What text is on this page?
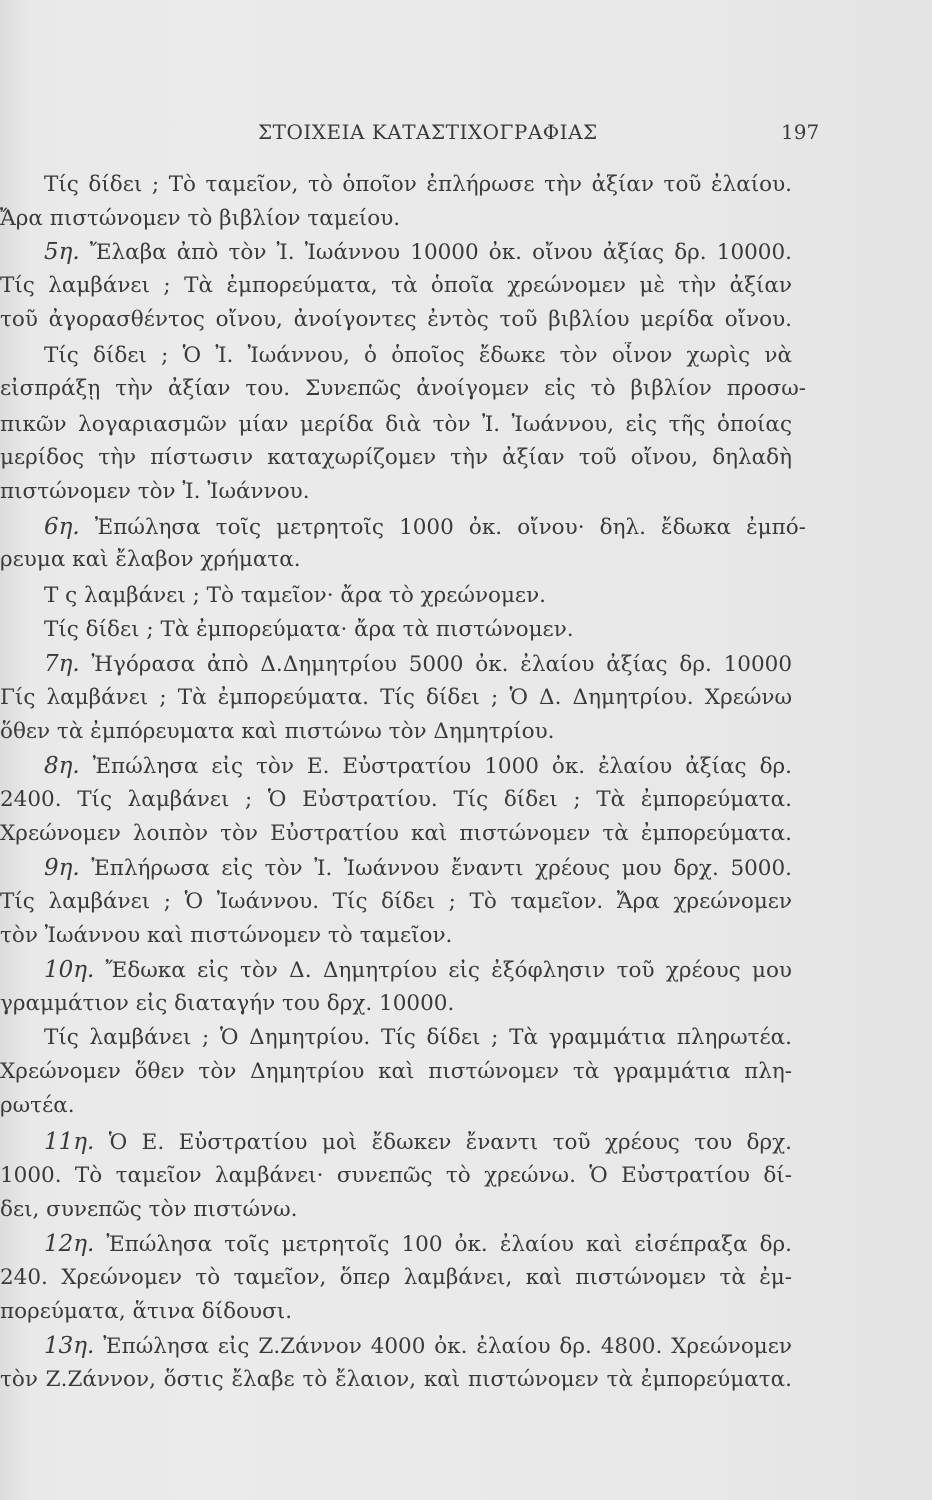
ΣΤΟΙΧΕΙΑ ΚΑΤΑΣΤΙΧΟΓΡΑΦΙΑΣ	197
Τίς δίδει ; Τὸ ταμεῖον, τὸ ὁποῖον ἐπλήρωσε τὴν ἀξίαν τοῦ ἐλαίου.
Ἄρα πιστώνομεν τὸ βιβλίον ταμείου.
5η. Ἔλαβα ἀπὸ τὸν Ἰ. Ἰωάννου 10000 ὀκ. οἴνου ἀξίας δρ. 10000.
Τίς λαμβάνει ; Τὰ ἐμπορεύματα, τὰ ὁποῖα χρεώνομεν μὲ τὴν ἀξίαν
τοῦ ἀγορασθέντος οἴνου, ἀνοίγοντες ἐντὸς τοῦ βιβλίου μερίδα οἴνου.
Τίς δίδει ; Ὁ Ἰ. Ἰωάννου, ὁ ὁποῖος ἔδωκε τὸν οἶνον χωρὶς νὰ
εἰσπράξῃ τὴν ἀξίαν του. Συνεπῶς ἀνοίγομεν εἰς τὸ βιβλίον προσω-
πικῶν λογαριασμῶν μίαν μερίδα διὰ τὸν Ἰ. Ἰωάννου, εἰς τῆς ὁποίας
μερίδος τὴν πίστωσιν καταχωρίζομεν τὴν ἀξίαν τοῦ οἴνου, δηλαδὴ
πιστώνομεν τὸν Ἰ. Ἰωάννου.
6η. Ἐπώλησα τοῖς μετρητοῖς 1000 ὀκ. οἴνου· δηλ. ἔδωκα ἐμπό-
ρευμα καὶ ἔλαβον χρήματα.
Τ ς λαμβάνει ; Τὸ ταμεῖον· ἄρα τὸ χρεώνομεν.
Τίς δίδει ; Τὰ ἐμπορεύματα· ἄρα τὰ πιστώνομεν.
7η. Ἠγόρασα ἀπὸ Δ.Δημητρίου 5000 ὀκ. ἐλαίου ἀξίας δρ. 10000
Γίς λαμβάνει ; Τὰ ἐμπορεύματα. Τίς δίδει ; Ὁ Δ. Δημητρίου. Χρεώνω
ὅθεν τὰ ἐμπόρευματα καὶ πιστώνω τὸν Δημητρίου.
8η. Ἐπώλησα εἰς τὸν Ε. Εὐστρατίου 1000 ὀκ. ἐλαίου ἀξίας δρ.
2400. Τίς λαμβάνει ; Ὁ Εὐστρατίου. Τίς δίδει ; Τὰ ἐμπορεύματα.
Χρεώνομεν λοιπὸν τὸν Εὐστρατίου καὶ πιστώνομεν τὰ ἐμπορεύματα.
9η. Ἐπλήρωσα εἰς τὸν Ἰ. Ἰωάννου ἔναντι χρέους μου δρχ. 5000.
Τίς λαμβάνει ; Ὁ Ἰωάννου. Τίς δίδει ; Τὸ ταμεῖον. Ἄρα χρεώνομεν
τὸν Ἰωάννου καὶ πιστώνομεν τὸ ταμεῖον.
10η. Ἔδωκα εἰς τὸν Δ. Δημητρίου εἰς ἐξόφλησιν τοῦ χρέους μου
γραμμάτιον εἰς διαταγήν του δρχ. 10000.
Τίς λαμβάνει ; Ὁ Δημητρίου. Τίς δίδει ; Τὰ γραμμάτια πληρωτέα.
Χρεώνομεν ὅθεν τὸν Δημητρίου καὶ πιστώνομεν τὰ γραμμάτια πλη-
ρωτέα.
11η. Ὁ Ε. Εὐστρατίου μοὶ ἔδωκεν ἔναντι τοῦ χρέους του δρχ.
1000. Τὸ ταμεῖον λαμβάνει· συνεπῶς τὸ χρεώνω. Ὁ Εὐστρατίου δί-
δει, συνεπῶς τὸν πιστώνω.
12η. Ἐπώλησα τοῖς μετρητοῖς 100 ὀκ. ἐλαίου καὶ εἰσέπραξα δρ.
240. Χρεώνομεν τὸ ταμεῖον, ὅπερ λαμβάνει, καὶ πιστώνομεν τὰ ἐμ-
πορεύματα, ἅτινα δίδουσι.
13η. Ἐπώλησα εἰς Ζ.Ζάννον 4000 ὀκ. ἐλαίου δρ. 4800. Χρεώνομεν
τὸν Ζ.Ζάννον, ὅστις ἔλαβε τὸ ἔλαιον, καὶ πιστώνομεν τὰ ἐμπορεύματα.
